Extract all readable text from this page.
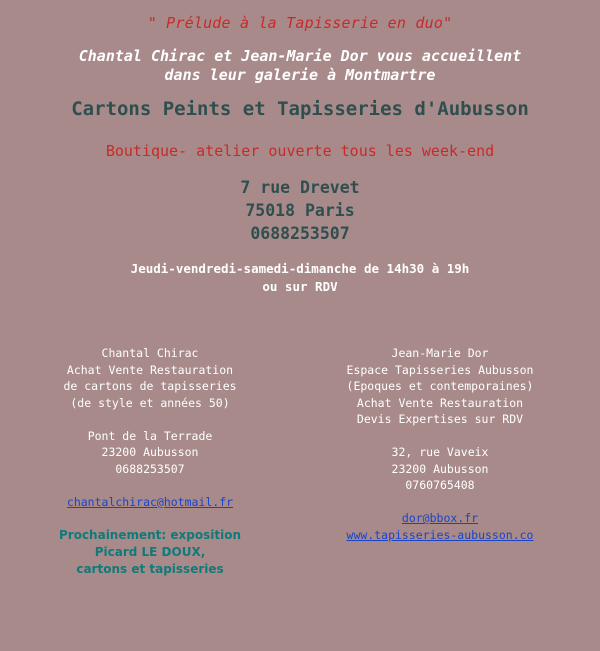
" Prélude à la Tapisserie en duo"

Chantal Chirac et Jean-Marie Dor vous accueillent
dans leur galerie à Montmartre

Cartons Peints et Tapisseries d'Aubusson

Boutique- atelier ouverte tous les week-end

7 rue Drevet
75018 Paris
0688253507
Jeudi-vendredi-samedi-dimanche de 14h30 à 19h
ou sur RDV
Chantal Chirac
Achat Vente Restauration
de cartons de tapisseries
(de style et années 50)
Pont de la Terrade
23200 Aubusson
0688253507
chantalchirac@hotmail.fr
Prochainement: exposition
Picard LE DOUX,
cartons et tapisseries
Jean-Marie Dor
Espace Tapisseries Aubusson
(Epoques et contemporaines)
Achat Vente Restauration
Devis Expertises sur RDV
32, rue Vaveix
23200 Aubusson
0760765408
dor@bbox.fr
www.tapisseries-aubusson.co
